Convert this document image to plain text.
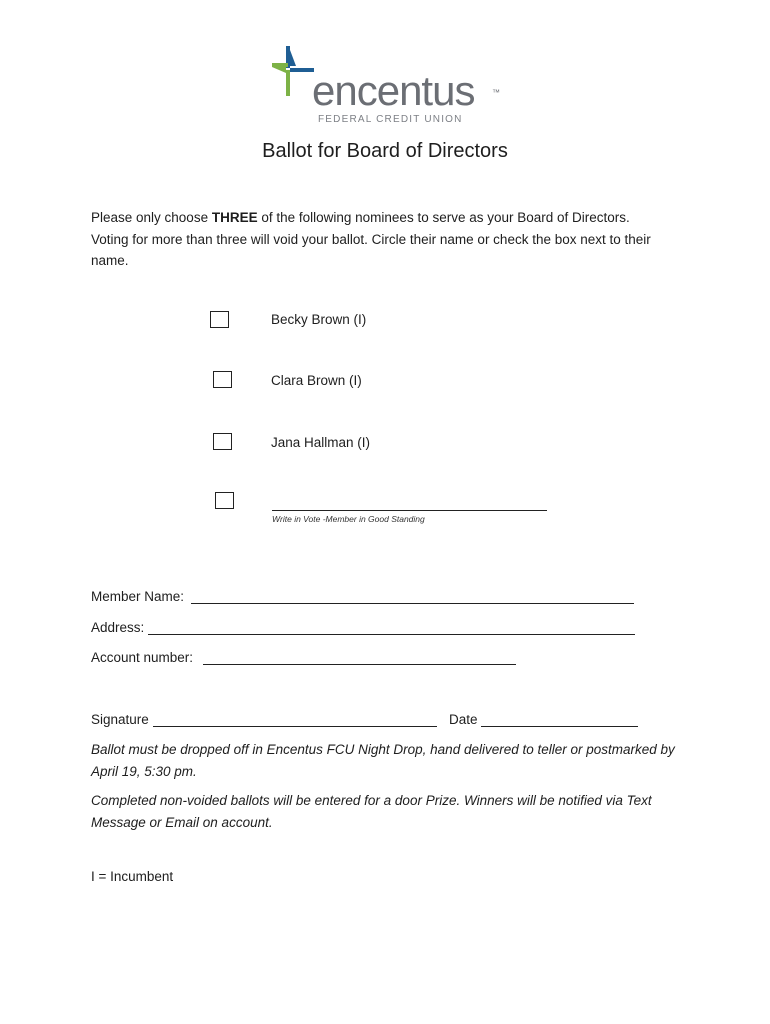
encentus ™
FEDERAL CREDIT UNION
Ballot for Board of Directors
Please only choose THREE of the following nominees to serve as your Board of Directors. Voting for more than three will void your ballot. Circle their name or check the box next to their name.
Becky Brown (I)
Clara Brown (I)
Jana Hallman (I)
Write in Vote -Member in Good Standing
Member Name:
Address:
Account number:
Signature	Date
Ballot must be dropped off in Encentus FCU Night Drop, hand delivered to teller or postmarked by April 19, 5:30 pm.
Completed non-voided ballots will be entered for a door Prize. Winners will be notified via Text Message or Email on account.
I = Incumbent
